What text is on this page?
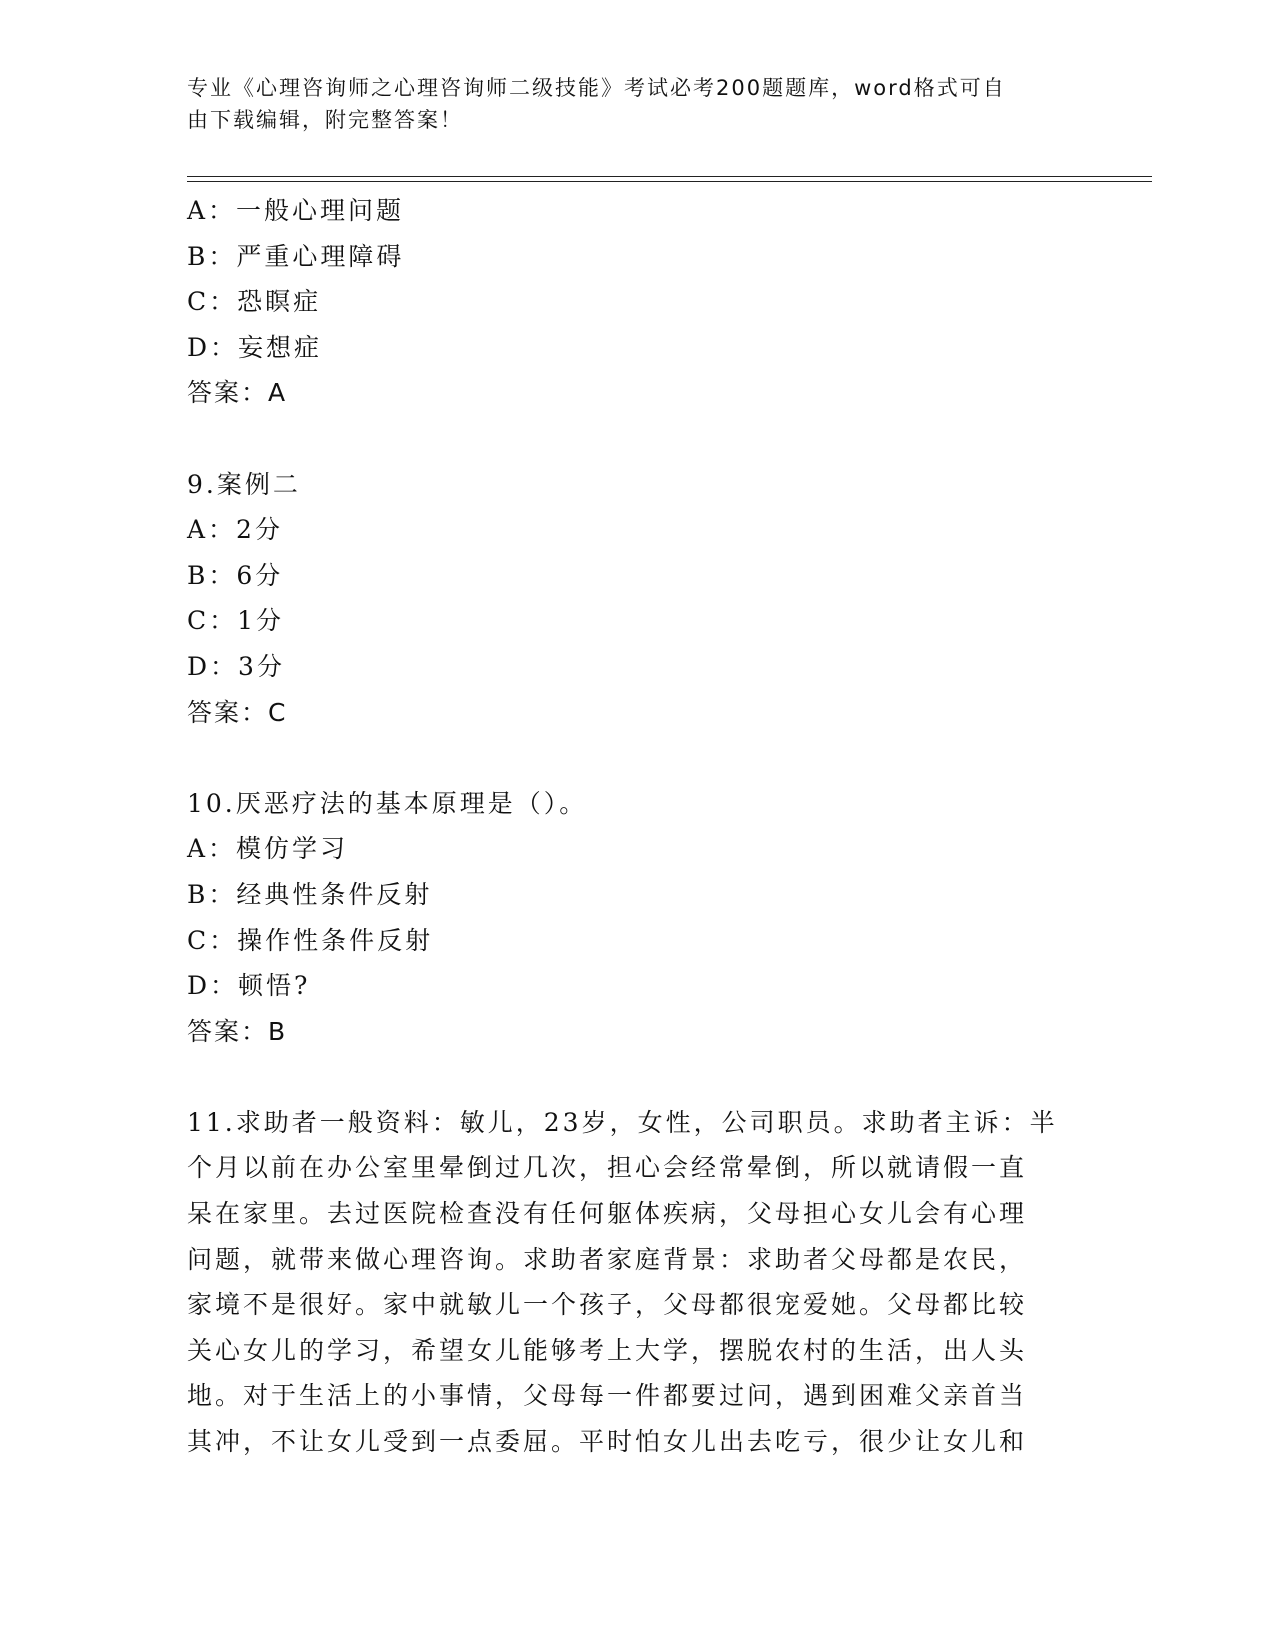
专业《心理咨询师之心理咨询师二级技能》考试必考200题题库，word格式可自
由下载编辑，附完整答案！
A：一般心理问题
B：严重心理障碍
C：恐瞑症
D：妄想症
答案：A
9.案例二
A：2分
B：6分
C：1分
D：3分
答案：C
10.厌恶疗法的基本原理是（）。
A：模仿学习
B：经典性条件反射
C：操作性条件反射
D：顿悟?
答案：B
11.求助者一般资料：敏儿，23岁，女性，公司职员。求助者主诉：半
个月以前在办公室里晕倒过几次，担心会经常晕倒，所以就请假一直
呆在家里。去过医院检查没有任何躯体疾病，父母担心女儿会有心理
问题，就带来做心理咨询。求助者家庭背景：求助者父母都是农民，
家境不是很好。家中就敏儿一个孩子，父母都很宠爱她。父母都比较
关心女儿的学习，希望女儿能够考上大学，摆脱农村的生活，出人头
地。对于生活上的小事情，父母每一件都要过问，遇到困难父亲首当
其冲，不让女儿受到一点委屈。平时怕女儿出去吃亏，很少让女儿和
